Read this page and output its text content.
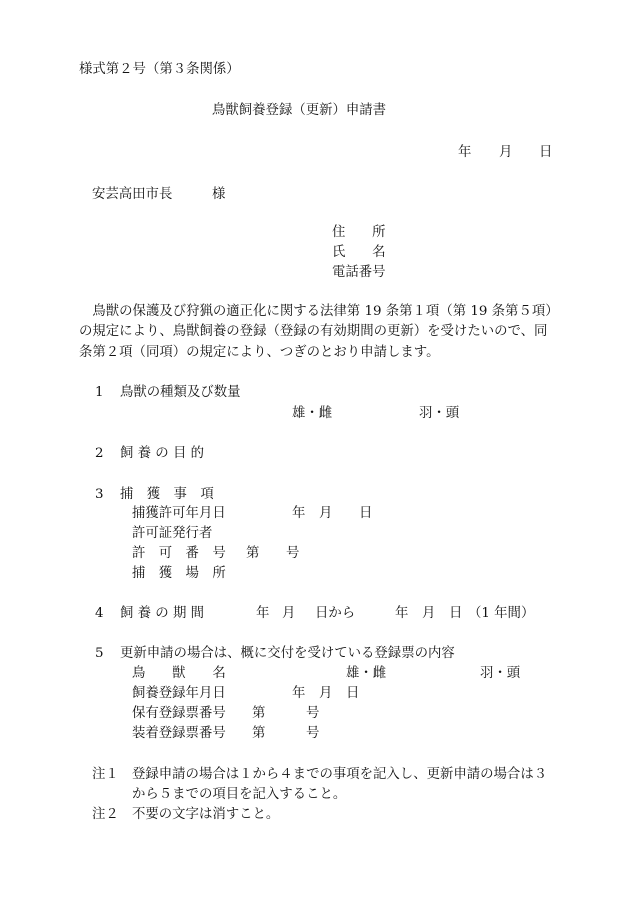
様式第２号（第３条関係）
鳥獣飼養登録（更新）申請書
年 月 日
安芸高田市長	様
住　　所
氏　　名
電話番号
　鳥獣の保護及び狩猟の適正化に関する法律第 19 条第１項（第 19 条第５項）
の規定により、鳥獣飼養の登録（登録の有効期間の更新）を受けたいので、同
条第２項（同項）の規定により、つぎのとおり申請します。
1 鳥獣の種類及び数量
雄・雌	羽・頭
2 飼 養 の 目 的
3 捕　獲　事　項
捕獲許可年月日	年 月 日
許可証発行者
許　可　番　号 第 号
捕　獲　場　所
4 飼 養 の 期 間	年 月 日から	年 月 日 （1 年間）
5 更新申請の場合は、概に交付を受けている登録票の内容
鳥　　獣　　名	雄・雌	羽・頭
飼養登録年月日	年 月 日
保有登録票番号 第	号
装着登録票番号 第	号
注１ 登録申請の場合は１から４までの事項を記入し、更新申請の場合は３
から５までの項目を記入すること。
注２ 不要の文字は消すこと。
